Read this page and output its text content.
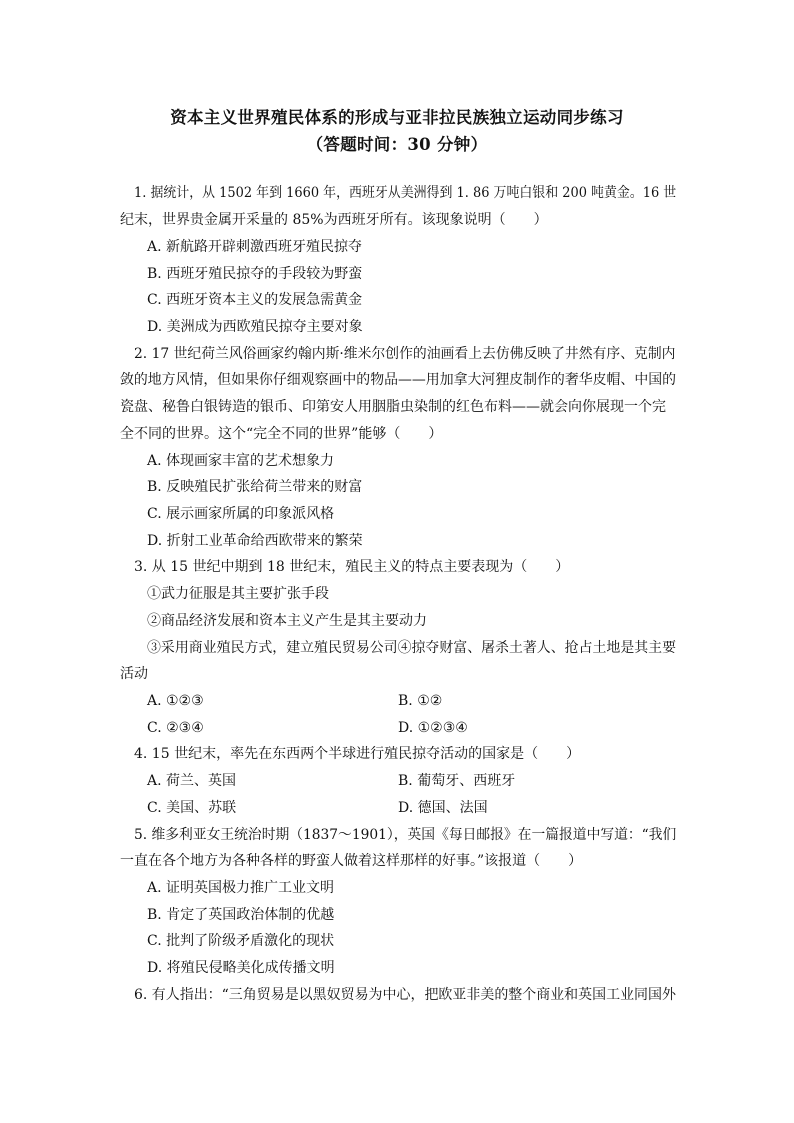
资本主义世界殖民体系的形成与亚非拉民族独立运动同步练习
（答题时间：30 分钟）
1. 据统计，从 1502 年到 1660 年，西班牙从美洲得到 1. 86 万吨白银和 200 吨黄金。16 世
纪末，世界贵金属开采量的 85%为西班牙所有。该现象说明（　　）
A. 新航路开辟刺激西班牙殖民掠夺
B. 西班牙殖民掠夺的手段较为野蛮
C. 西班牙资本主义的发展急需黄金
D. 美洲成为西欧殖民掠夺主要对象
2. 17 世纪荷兰风俗画家约翰内斯·维米尔创作的油画看上去仿佛反映了井然有序、克制内
敛的地方风情，但如果你仔细观察画中的物品——用加拿大河狸皮制作的奢华皮帽、中国的
瓷盘、秘鲁白银铸造的银币、印第安人用胭脂虫染制的红色布料——就会向你展现一个完
全不同的世界。这个“完全不同的世界”能够（　　）
A. 体现画家丰富的艺术想象力
B. 反映殖民扩张给荷兰带来的财富
C. 展示画家所属的印象派风格
D. 折射工业革命给西欧带来的繁荣
3. 从 15 世纪中期到 18 世纪末，殖民主义的特点主要表现为（　　）
①武力征服是其主要扩张手段
②商品经济发展和资本主义产生是其主要动力
③采用商业殖民方式，建立殖民贸易公司④掠夺财富、屠杀土著人、抢占土地是其主要
活动
A. ①②③	B. ①②
C. ②③④	D. ①②③④
4. 15 世纪末，率先在东西两个半球进行殖民掠夺活动的国家是（　　）
A. 荷兰、英国	B. 葡萄牙、西班牙
C. 美国、苏联	D. 德国、法国
5. 维多利亚女王统治时期（1837～1901），英国《每日邮报》在一篇报道中写道：“我们
一直在各个地方为各种各样的野蛮人做着这样那样的好事。”该报道（　　）
A. 证明英国极力推广工业文明
B. 肯定了英国政治体制的优越
C. 批判了阶级矛盾激化的现状
D. 将殖民侵略美化成传播文明
6. 有人指出：“三角贸易是以黑奴贸易为中心，把欧亚非美的整个商业和英国工业同国外
